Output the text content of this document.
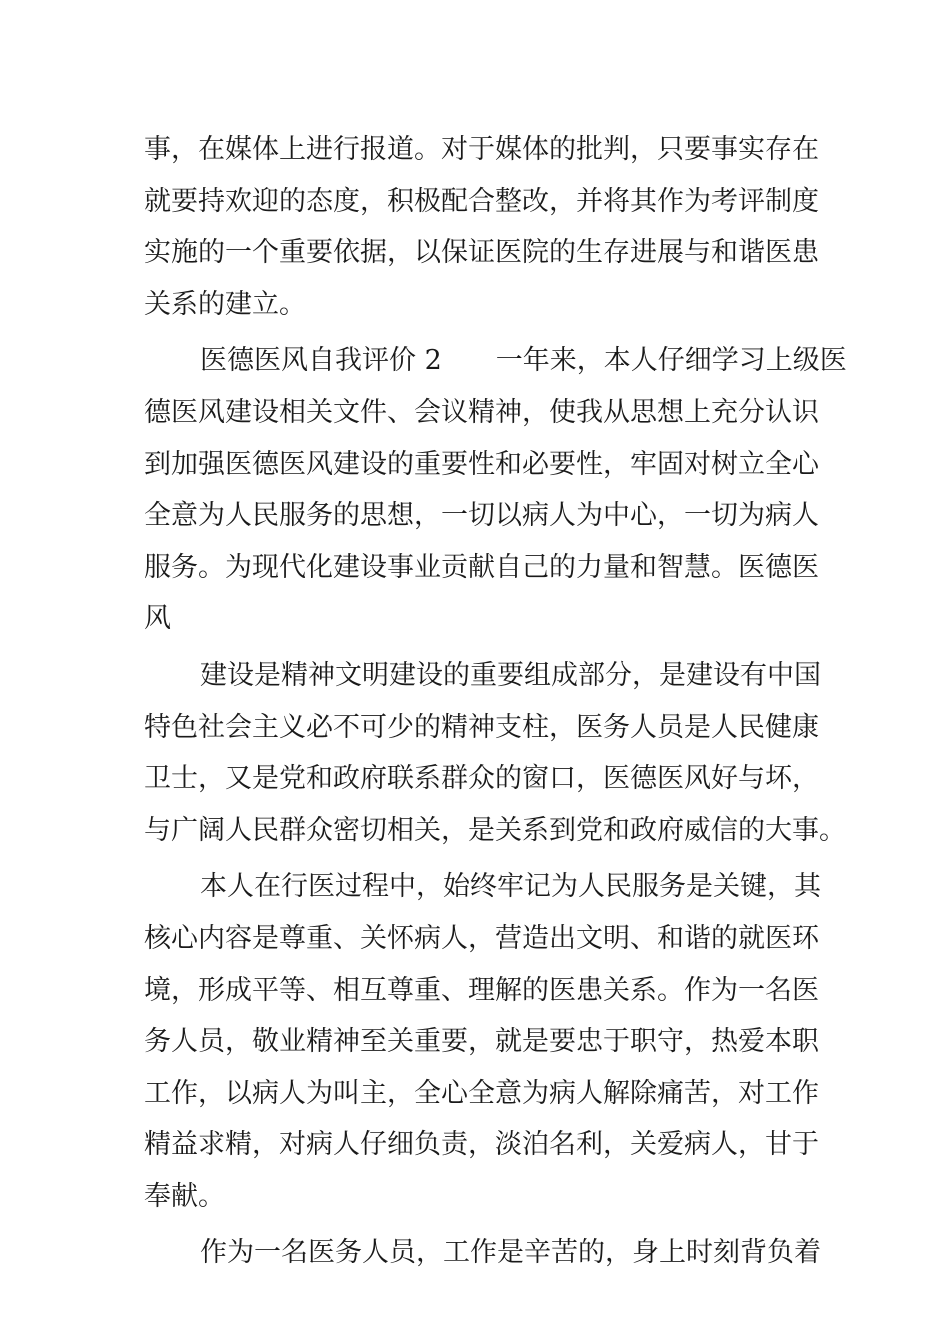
事，在媒体上进行报道。对于媒体的批判，只要事实存在
就要持欢迎的态度，积极配合整改，并将其作为考评制度
实施的一个重要依据，以保证医院的生存进展与和谐医患
关系的建立。
医德医风自我评价 2 一年来，本人仔细学习上级医
德医风建设相关文件、会议精神，使我从思想上充分认识
到加强医德医风建设的重要性和必要性，牢固对树立全心
全意为人民服务的思想，一切以病人为中心，一切为病人
服务。为现代化建设事业贡献自己的力量和智慧。医德医
风
建设是精神文明建设的重要组成部分，是建设有中国
特色社会主义必不可少的精神支柱，医务人员是人民健康
卫士，又是党和政府联系群众的窗口，医德医风好与坏，
与广阔人民群众密切相关，是关系到党和政府威信的大事。
本人在行医过程中，始终牢记为人民服务是关键，其
核心内容是尊重、关怀病人，营造出文明、和谐的就医环
境，形成平等、相互尊重、理解的医患关系。作为一名医
务人员，敬业精神至关重要，就是要忠于职守，热爱本职
工作，以病人为叫主，全心全意为病人解除痛苦，对工作
精益求精，对病人仔细负责，淡泊名利，关爱病人，甘于
奉献。
作为一名医务人员，工作是辛苦的，身上时刻背负着
